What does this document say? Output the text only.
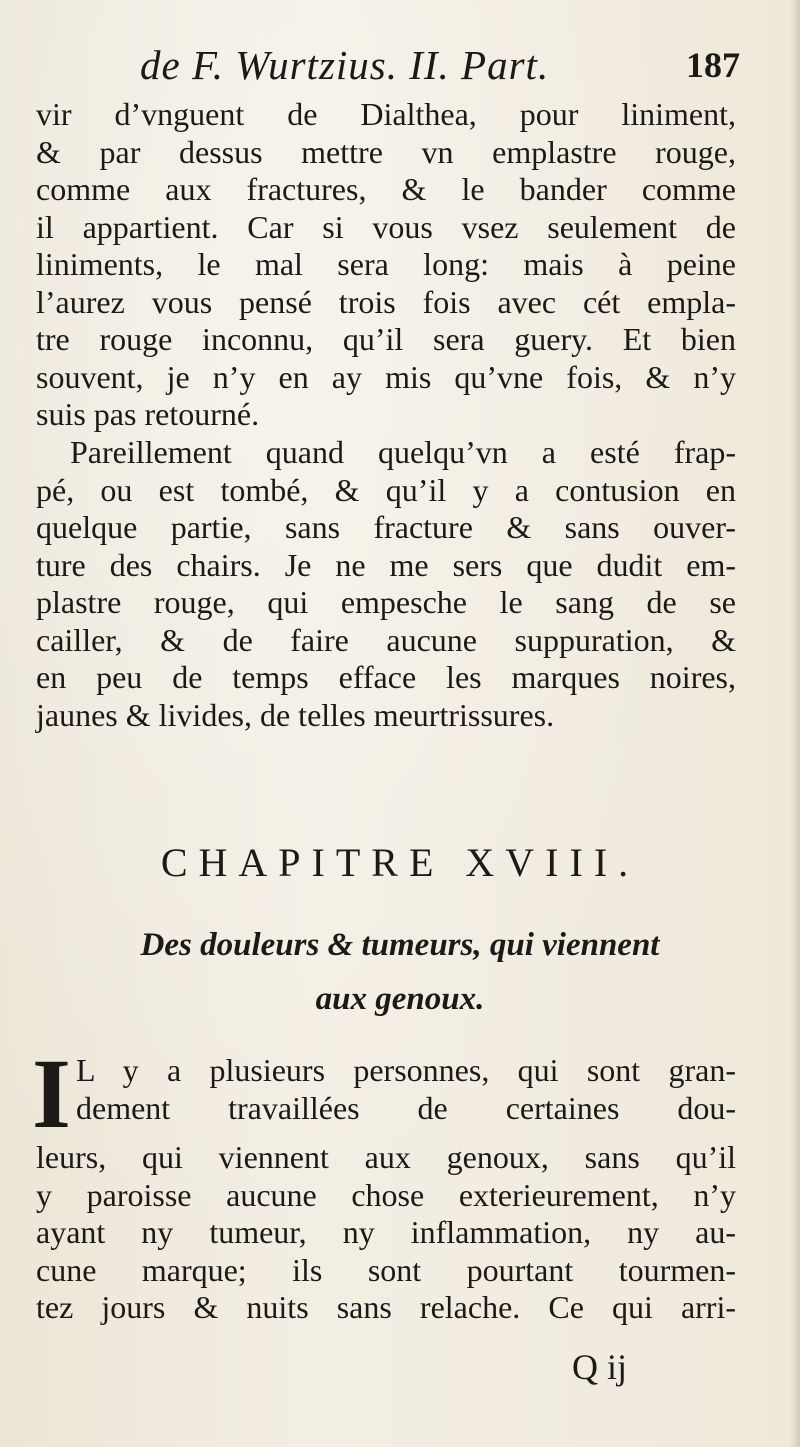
de F. Wurtzius. II. Part.	187
vir d’vnguent de Dialthea, pour liniment,
& par dessus mettre vn emplastre rouge,
comme aux fractures, & le bander comme
il appartient. Car si vous vsez seulement de
liniments, le mal sera long: mais à peine
l’aurez vous pensé trois fois avec cét empla-
tre rouge inconnu, qu’il sera guery. Et bien
souvent, je n’y en ay mis qu’vne fois, & n’y
suis pas retourné.
Pareillement quand quelqu’vn a esté frap-
pé, ou est tombé, & qu’il y a contusion en
quelque partie, sans fracture & sans ouver-
ture des chairs. Je ne me sers que dudit em-
plastre rouge, qui empesche le sang de se
cailler, & de faire aucune suppuration, &
en peu de temps efface les marques noires,
jaunes & livides, de telles meurtrissures.
CHAPITRE XVIII.
Des douleurs & tumeurs, qui viennent
aux genoux.
I L y a plusieurs personnes, qui sont gran-
dement travaillées de certaines dou-
leurs, qui viennent aux genoux, sans qu’il
y paroisse aucune chose exterieurement, n’y
ayant ny tumeur, ny inflammation, ny au-
cune marque; ils sont pourtant tourmen-
tez jours & nuits sans relache. Ce qui arri-
Q ij
